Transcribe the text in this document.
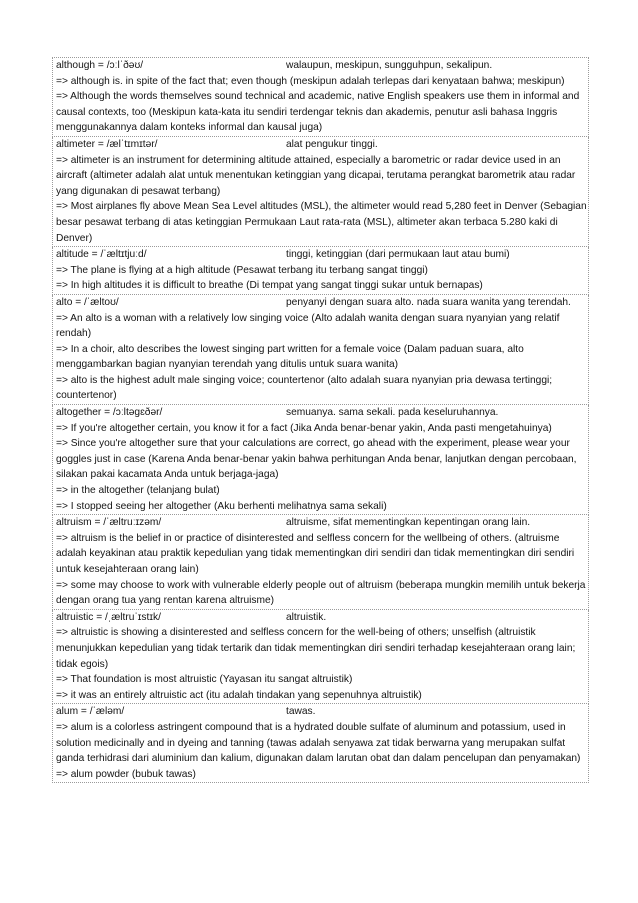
although = /ɔːlˈðəʊ/	walaupun, meskipun, sungguhpun, sekalipun.
=> although is. in spite of the fact that; even though (meskipun adalah terlepas dari kenyataan bahwa; meskipun)
=> Although the words themselves sound technical and academic, native English speakers use them in informal and causal contexts, too (Meskipun kata-kata itu sendiri terdengar teknis dan akademis, penutur asli bahasa Inggris menggunakannya dalam konteks informal dan kausal juga)
altimeter = /ælˈtɪmɪtər/	alat pengukur tinggi.
=> altimeter is an instrument for determining altitude attained, especially a barometric or radar device used in an aircraft (altimeter adalah alat untuk menentukan ketinggian yang dicapai, terutama perangkat barometrik atau radar yang digunakan di pesawat terbang)
=> Most airplanes fly above Mean Sea Level altitudes (MSL), the altimeter would read 5,280 feet in Denver (Sebagian besar pesawat terbang di atas ketinggian Permukaan Laut rata-rata (MSL), altimeter akan terbaca 5.280 kaki di Denver)
altitude = /ˈæltɪtjuːd/	tinggi, ketinggian (dari permukaan laut atau bumi)
=> The plane is flying at a high altitude (Pesawat terbang itu terbang sangat tinggi)
=> In high altitudes it is difficult to breathe (Di tempat yang sangat tinggi sukar untuk bernapas)
alto = /ˈæltoʊ/	penyanyi dengan suara alto. nada suara wanita yang terendah.
=> An alto is a woman with a relatively low singing voice (Alto adalah wanita dengan suara nyanyian yang relatif rendah)
=> In a choir, alto describes the lowest singing part written for a female voice (Dalam paduan suara, alto menggambarkan bagian nyanyian terendah yang ditulis untuk suara wanita)
=> alto is the highest adult male singing voice; countertenor (alto adalah suara nyanyian pria dewasa tertinggi; countertenor)
altogether = /ɔːltəɡɛðər/	semuanya. sama sekali. pada keseluruhannya.
=> If you're altogether certain, you know it for a fact (Jika Anda benar-benar yakin, Anda pasti mengetahuinya)
=> Since you're altogether sure that your calculations are correct, go ahead with the experiment, please wear your goggles just in case (Karena Anda benar-benar yakin bahwa perhitungan Anda benar, lanjutkan dengan percobaan, silakan pakai kacamata Anda untuk berjaga-jaga)
=> in the altogether (telanjang bulat)
=> I stopped seeing her altogether (Aku berhenti melihatnya sama sekali)
altruism = /ˈæltruːɪzəm/	altruisme, sifat mementingkan kepentingan orang lain.
=> altruism is the belief in or practice of disinterested and selfless concern for the wellbeing of others. (altruisme adalah keyakinan atau praktik kepedulian yang tidak mementingkan diri sendiri dan tidak mementingkan diri sendiri untuk kesejahteraan orang lain)
=> some may choose to work with vulnerable elderly people out of altruism (beberapa mungkin memilih untuk bekerja dengan orang tua yang rentan karena altruisme)
altruistic = /ˌæltruˈɪstɪk/	altruistik.
=> altruistic is showing a disinterested and selfless concern for the well-being of others; unselfish (altruistik menunjukkan kepedulian yang tidak tertarik dan tidak mementingkan diri sendiri terhadap kesejahteraan orang lain; tidak egois)
=> That foundation is most altruistic (Yayasan itu sangat altruistik)
=> it was an entirely altruistic act (itu adalah tindakan yang sepenuhnya altruistik)
alum = /ˈæləm/	tawas.
=> alum is a colorless astringent compound that is a hydrated double sulfate of aluminum and potassium, used in solution medicinally and in dyeing and tanning (tawas adalah senyawa zat tidak berwarna yang merupakan sulfat ganda terhidrasi dari aluminium dan kalium, digunakan dalam larutan obat dan dalam pencelupan dan penyamakan)
=> alum powder (bubuk tawas)
